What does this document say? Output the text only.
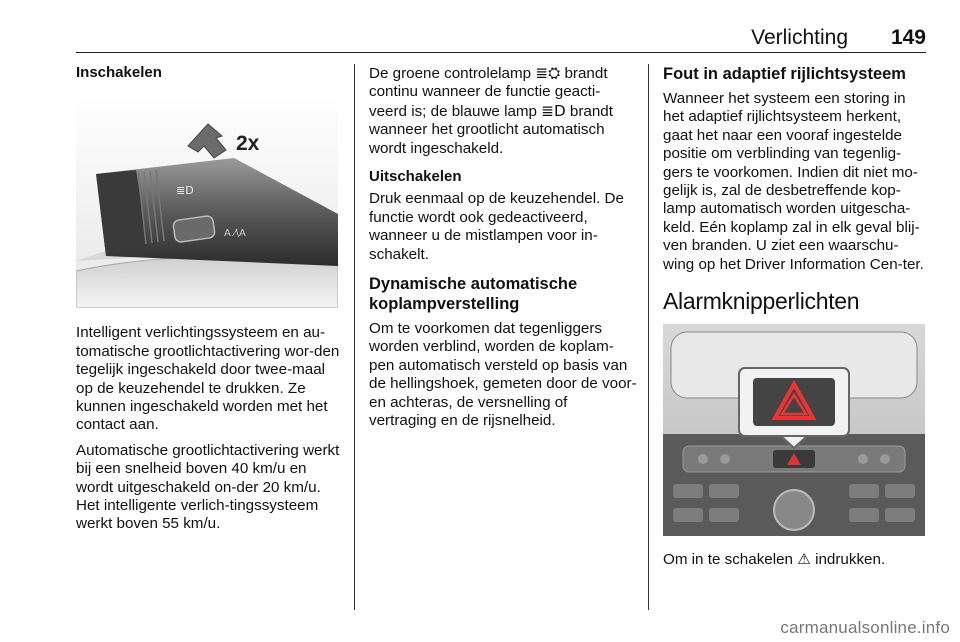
Verlichting 149
Inschakelen
≣D
A ⁄\A
2x

Intelligent verlichtingssysteem en au-tomatische grootlichtactivering wor-den tegelijk ingeschakeld door twee-maal op de keuzehendel te drukken. Ze kunnen ingeschakeld worden met het contact aan.

Automatische grootlichtactivering werkt bij een snelheid boven 40 km/u en wordt uitgeschakeld on-der 20 km/u. Het intelligente verlich-tingssysteem werkt boven 55 km/u.

De groene controlelamp ≣⛭ brandt continu wanneer de functie geacti-veerd is; de blauwe lamp ≣D brandt wanneer het grootlicht automatisch wordt ingeschakeld.

Uitschakelen

Druk eenmaal op de keuzehendel. De functie wordt ook gedeactiveerd, wanneer u de mistlampen voor in-schakelt.

Dynamische automatische koplampverstelling

Om te voorkomen dat tegenliggers worden verblind, worden de koplam-pen automatisch versteld op basis van de hellingshoek, gemeten door de voor- en achteras, de versnelling of vertraging en de rijsnelheid.

Fout in adaptief rijlichtsysteem

Wanneer het systeem een storing in het adaptief rijlichtsysteem herkent, gaat het naar een vooraf ingestelde positie om verblinding van tegenlig-gers te voorkomen. Indien dit niet mo-gelijk is, zal de desbetreffende kop-lamp automatisch worden uitgescha-keld. Eén koplamp zal in elk geval blij-ven branden. U ziet een waarschu-wing op het Driver Information Cen-ter.

Alarmknipperlichten

Om in te schakelen ⚠ indrukken.

carmanualsonline.info
